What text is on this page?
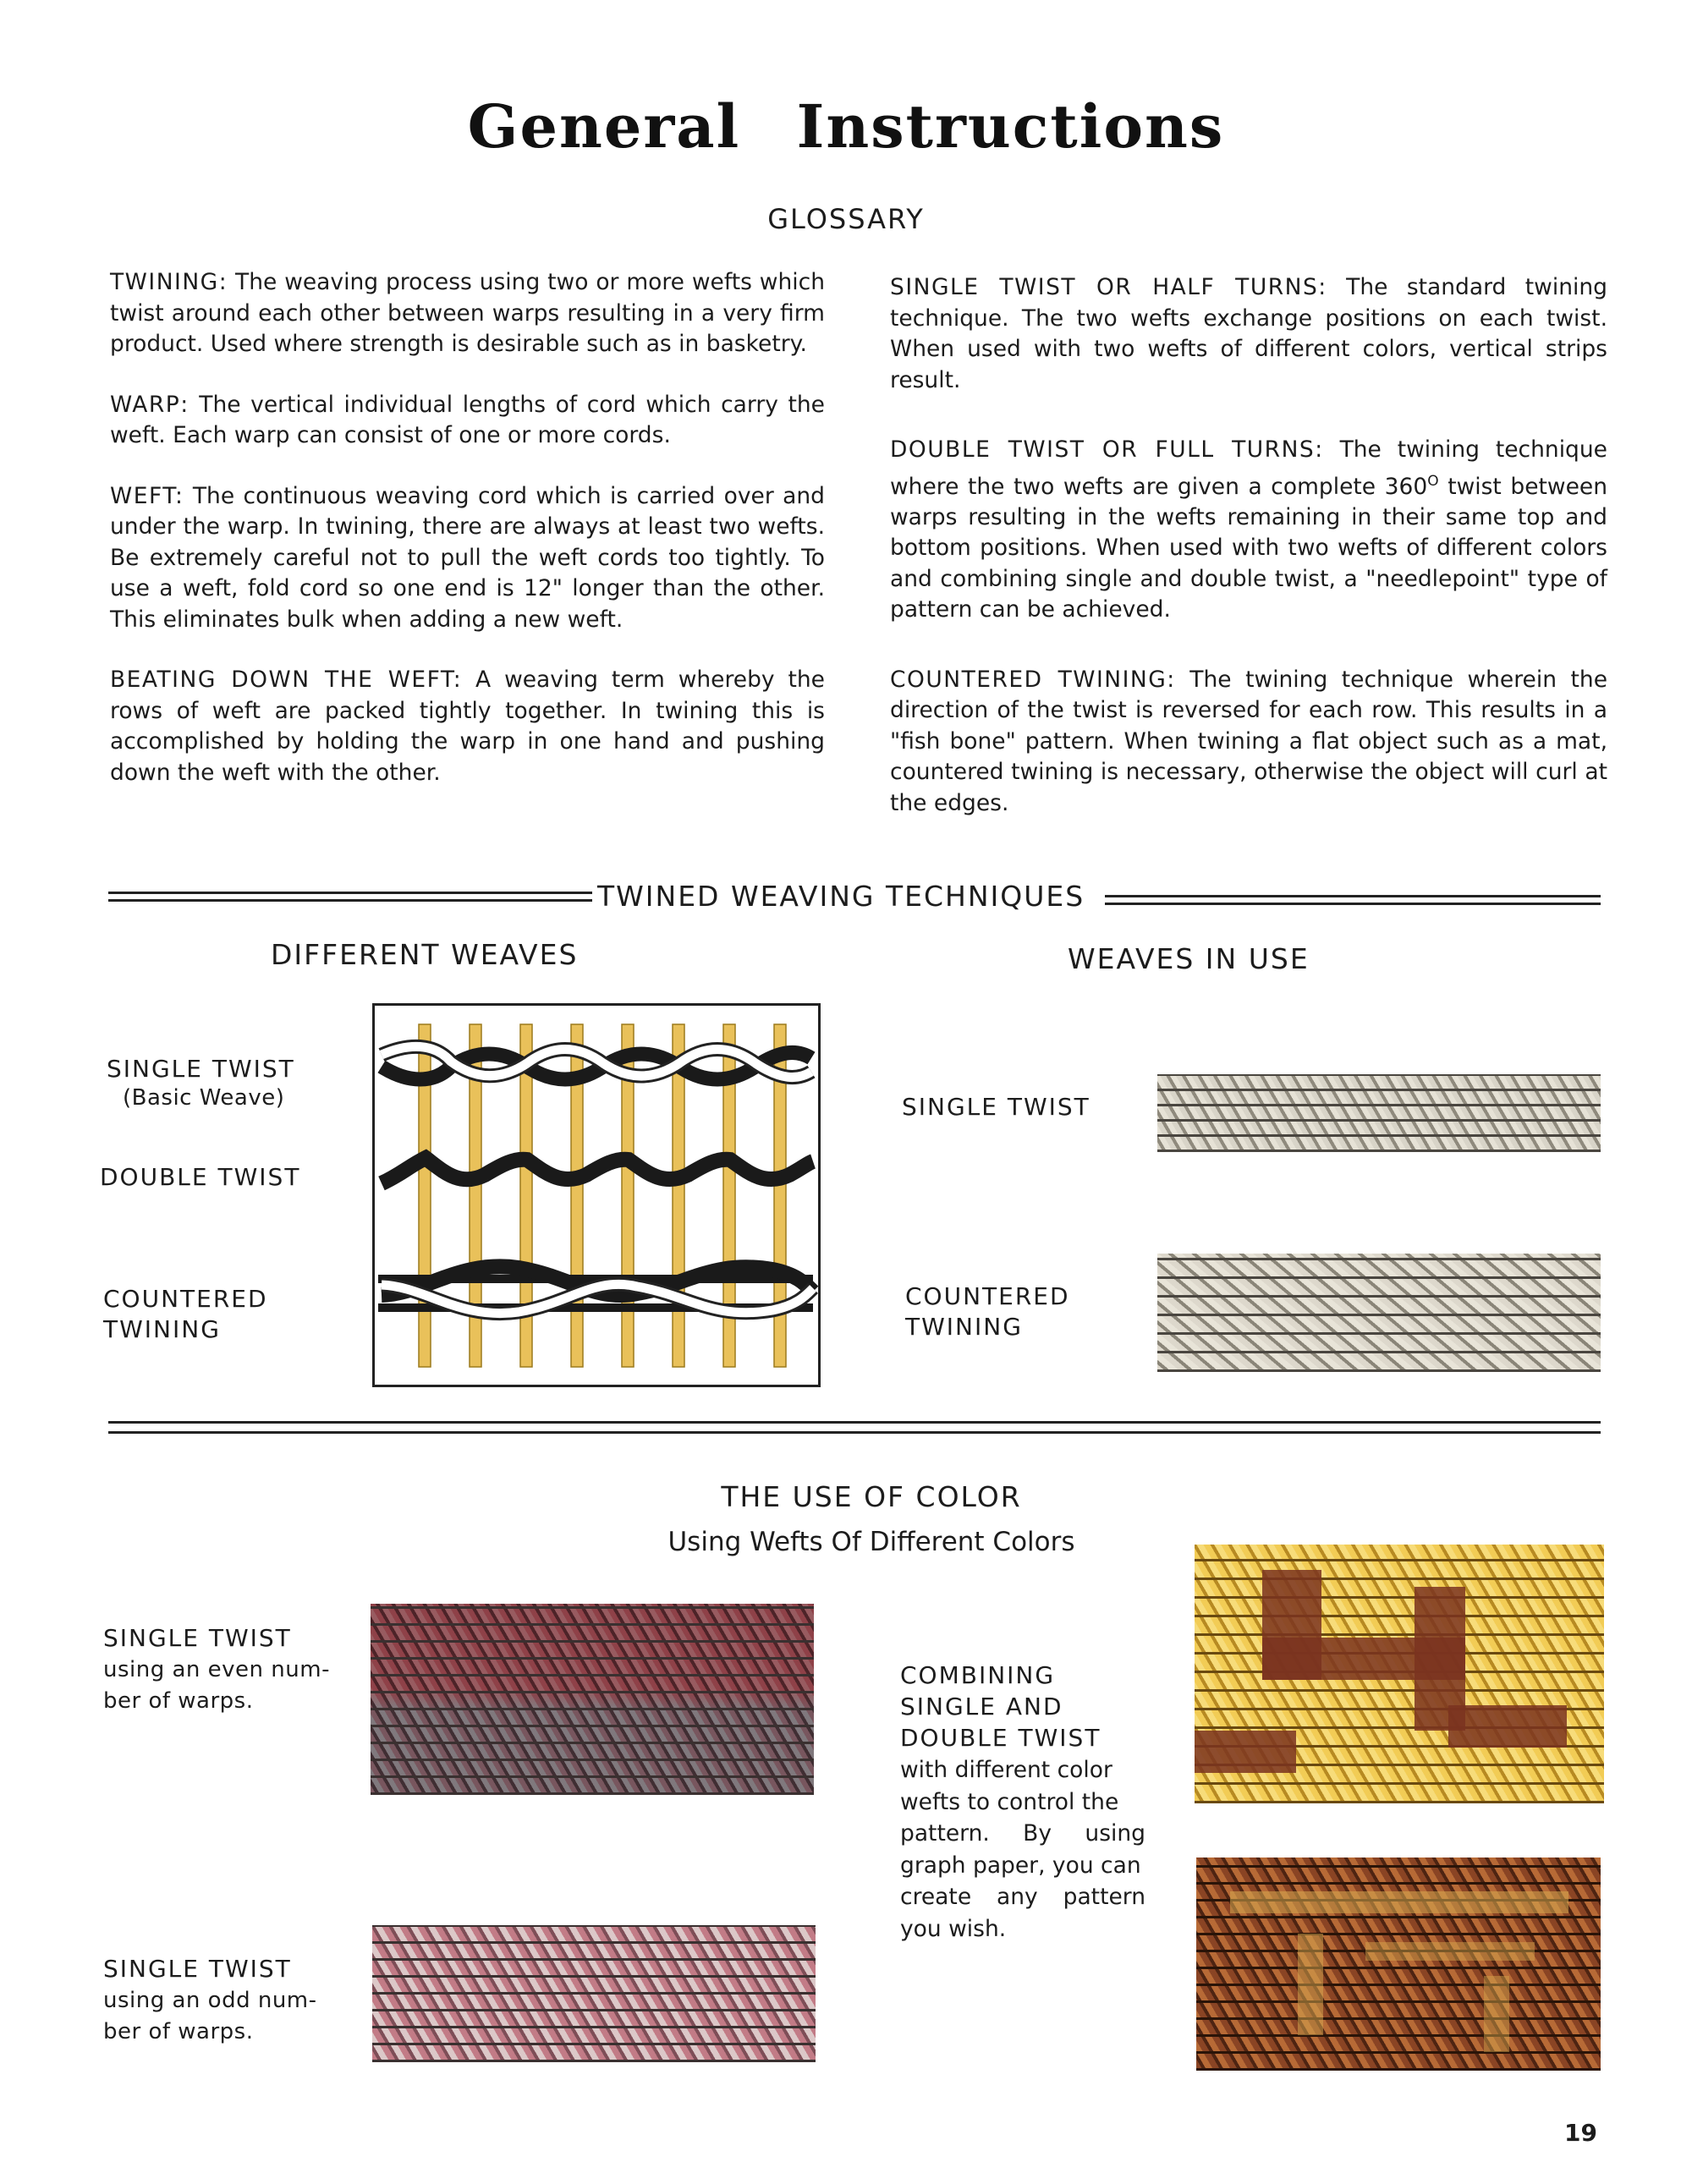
General Instructions
GLOSSARY
TWINING: The weaving process using two or more wefts which twist around each other between warps resulting in a very firm product. Used where strength is desirable such as in basketry.
WARP: The vertical individual lengths of cord which carry the weft. Each warp can consist of one or more cords.
WEFT: The continuous weaving cord which is carried over and under the warp. In twining, there are always at least two wefts. Be extremely careful not to pull the weft cords too tightly. To use a weft, fold cord so one end is 12" longer than the other. This eliminates bulk when adding a new weft.
BEATING DOWN THE WEFT: A weaving term whereby the rows of weft are packed tightly together. In twining this is accomplished by holding the warp in one hand and pushing down the weft with the other.
SINGLE TWIST OR HALF TURNS: The standard twining technique. The two wefts exchange positions on each twist. When used with two wefts of different colors, vertical strips result.
DOUBLE TWIST OR FULL TURNS: The twining technique where the two wefts are given a complete $360^O$ twist between warps resulting in the wefts remaining in their same top and bottom positions. When used with two wefts of different colors and combining single and double twist, a "needlepoint" type of pattern can be achieved.
COUNTERED TWINING: The twining technique wherein the direction of the twist is reversed for each row. This results in a "fish bone" pattern. When twining a flat object such as a mat, countered twining is necessary, otherwise the object will curl at the edges.
TWINED WEAVING TECHNIQUES
DIFFERENT WEAVES	WEAVES IN USE
SINGLE TWIST
(Basic Weave)
DOUBLE TWIST
COUNTERED
TWINING
SINGLE TWIST
COUNTERED
TWINING
THE USE OF COLOR
Using Wefts Of Different Colors
SINGLE TWIST
using an even num-
ber of warps.
SINGLE TWIST
using an odd num-
ber of warps.
COMBINING
SINGLE AND
DOUBLE TWIST
with different color
wefts to control the
pattern. By using
graph paper, you can
create any pattern
you wish.
19
